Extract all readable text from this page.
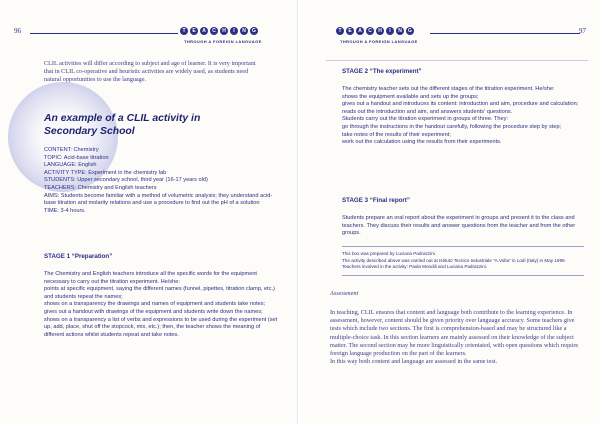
96	T	E	A	C	H	I	N	G
THROUGH A FOREIGN LANGUAGE

CLIL activities will differ according to subject and age of learner. It is very important that in CLIL co-operative and heuristic activities are widely used, as students need natural opportunities to use the language.

An example of a CLIL activity in Secondary School
CONTENT: Chemistry
TOPIC: Acid-base titration
LANGUAGE: English
ACTIVITY TYPE: Experiment in the chemistry lab
STUDENTS: Upper secondary school, third year (16-17 years old)
TEACHERS: Chemistry and English teachers
AIMS: Students become familiar with a method of volumetric analysis; they understand acid-base titration and molarity relations and use a procedure to find out the pH of a solution
TIME: 3-4 hours.
STAGE 1 “Preparation”
The Chemistry and English teachers introduce all the specific words for the equipment necessary to carry out the titration experiment. He/she:
points at specific equipment, saying the different names (funnel, pipettes, titration clamp, etc.) and students repeat the names;
shows on a transparency the drawings and names of equipment and students take notes;
gives out a handout with drawings of the equipment and students write down the names;
shows on a transparency a list of verbs and expressions to be used during the experiment (set up, add, place, shut off the stopcock, mix, etc.); then, the teacher shows the meaning of different actions whilst students repeat and take notes.
97
T	E	A	C	H	I	N	G
THROUGH A FOREIGN LANGUAGE
STAGE 2 “The experiment”
The chemistry teacher sets out the different stages of the titration experiment. He/she:
shows the equipment available and sets up the groups;
gives out a handout and introduces its content: introduction and aim, procedure and calculation;
reads out the introduction and aim, and answers students’ questions.
Students carry out the titration experiment in groups of three. They:
go through the instructions in the handout carefully, following the procedure step by step;
take notes of the results of their experiment;
work out the calculation using the results from their experiments.
STAGE 3 “Final report”

Students prepare an oral report about the experiment in groups and present it to the class and teachers. They discuss their results and answer questions from the teacher and from the other groups.

This box was prepared by Luciana Padrazzini.
The activity described above was carried out at Istituto Tecnico Industriale “A.Volta” in Lodi (Italy) in May 1999. Teachers involved in the activity: Paola Mondili and Luciana Padrazzini.
Assessment

In teaching, CLIL ensures that content and language both contribute to the learning experience. In assessment, however, content should be given priority over language accuracy. Some teachers give tests which include two sections. The first is comprehension-based and may be structured like a multiple-choice task. In this section learners are mainly assessed on their knowledge of the subject matter. The second section may be more linguistically orientated, with open questions which require foreign language production on the part of the learners.

In this way both content and language are assessed in the same test.
